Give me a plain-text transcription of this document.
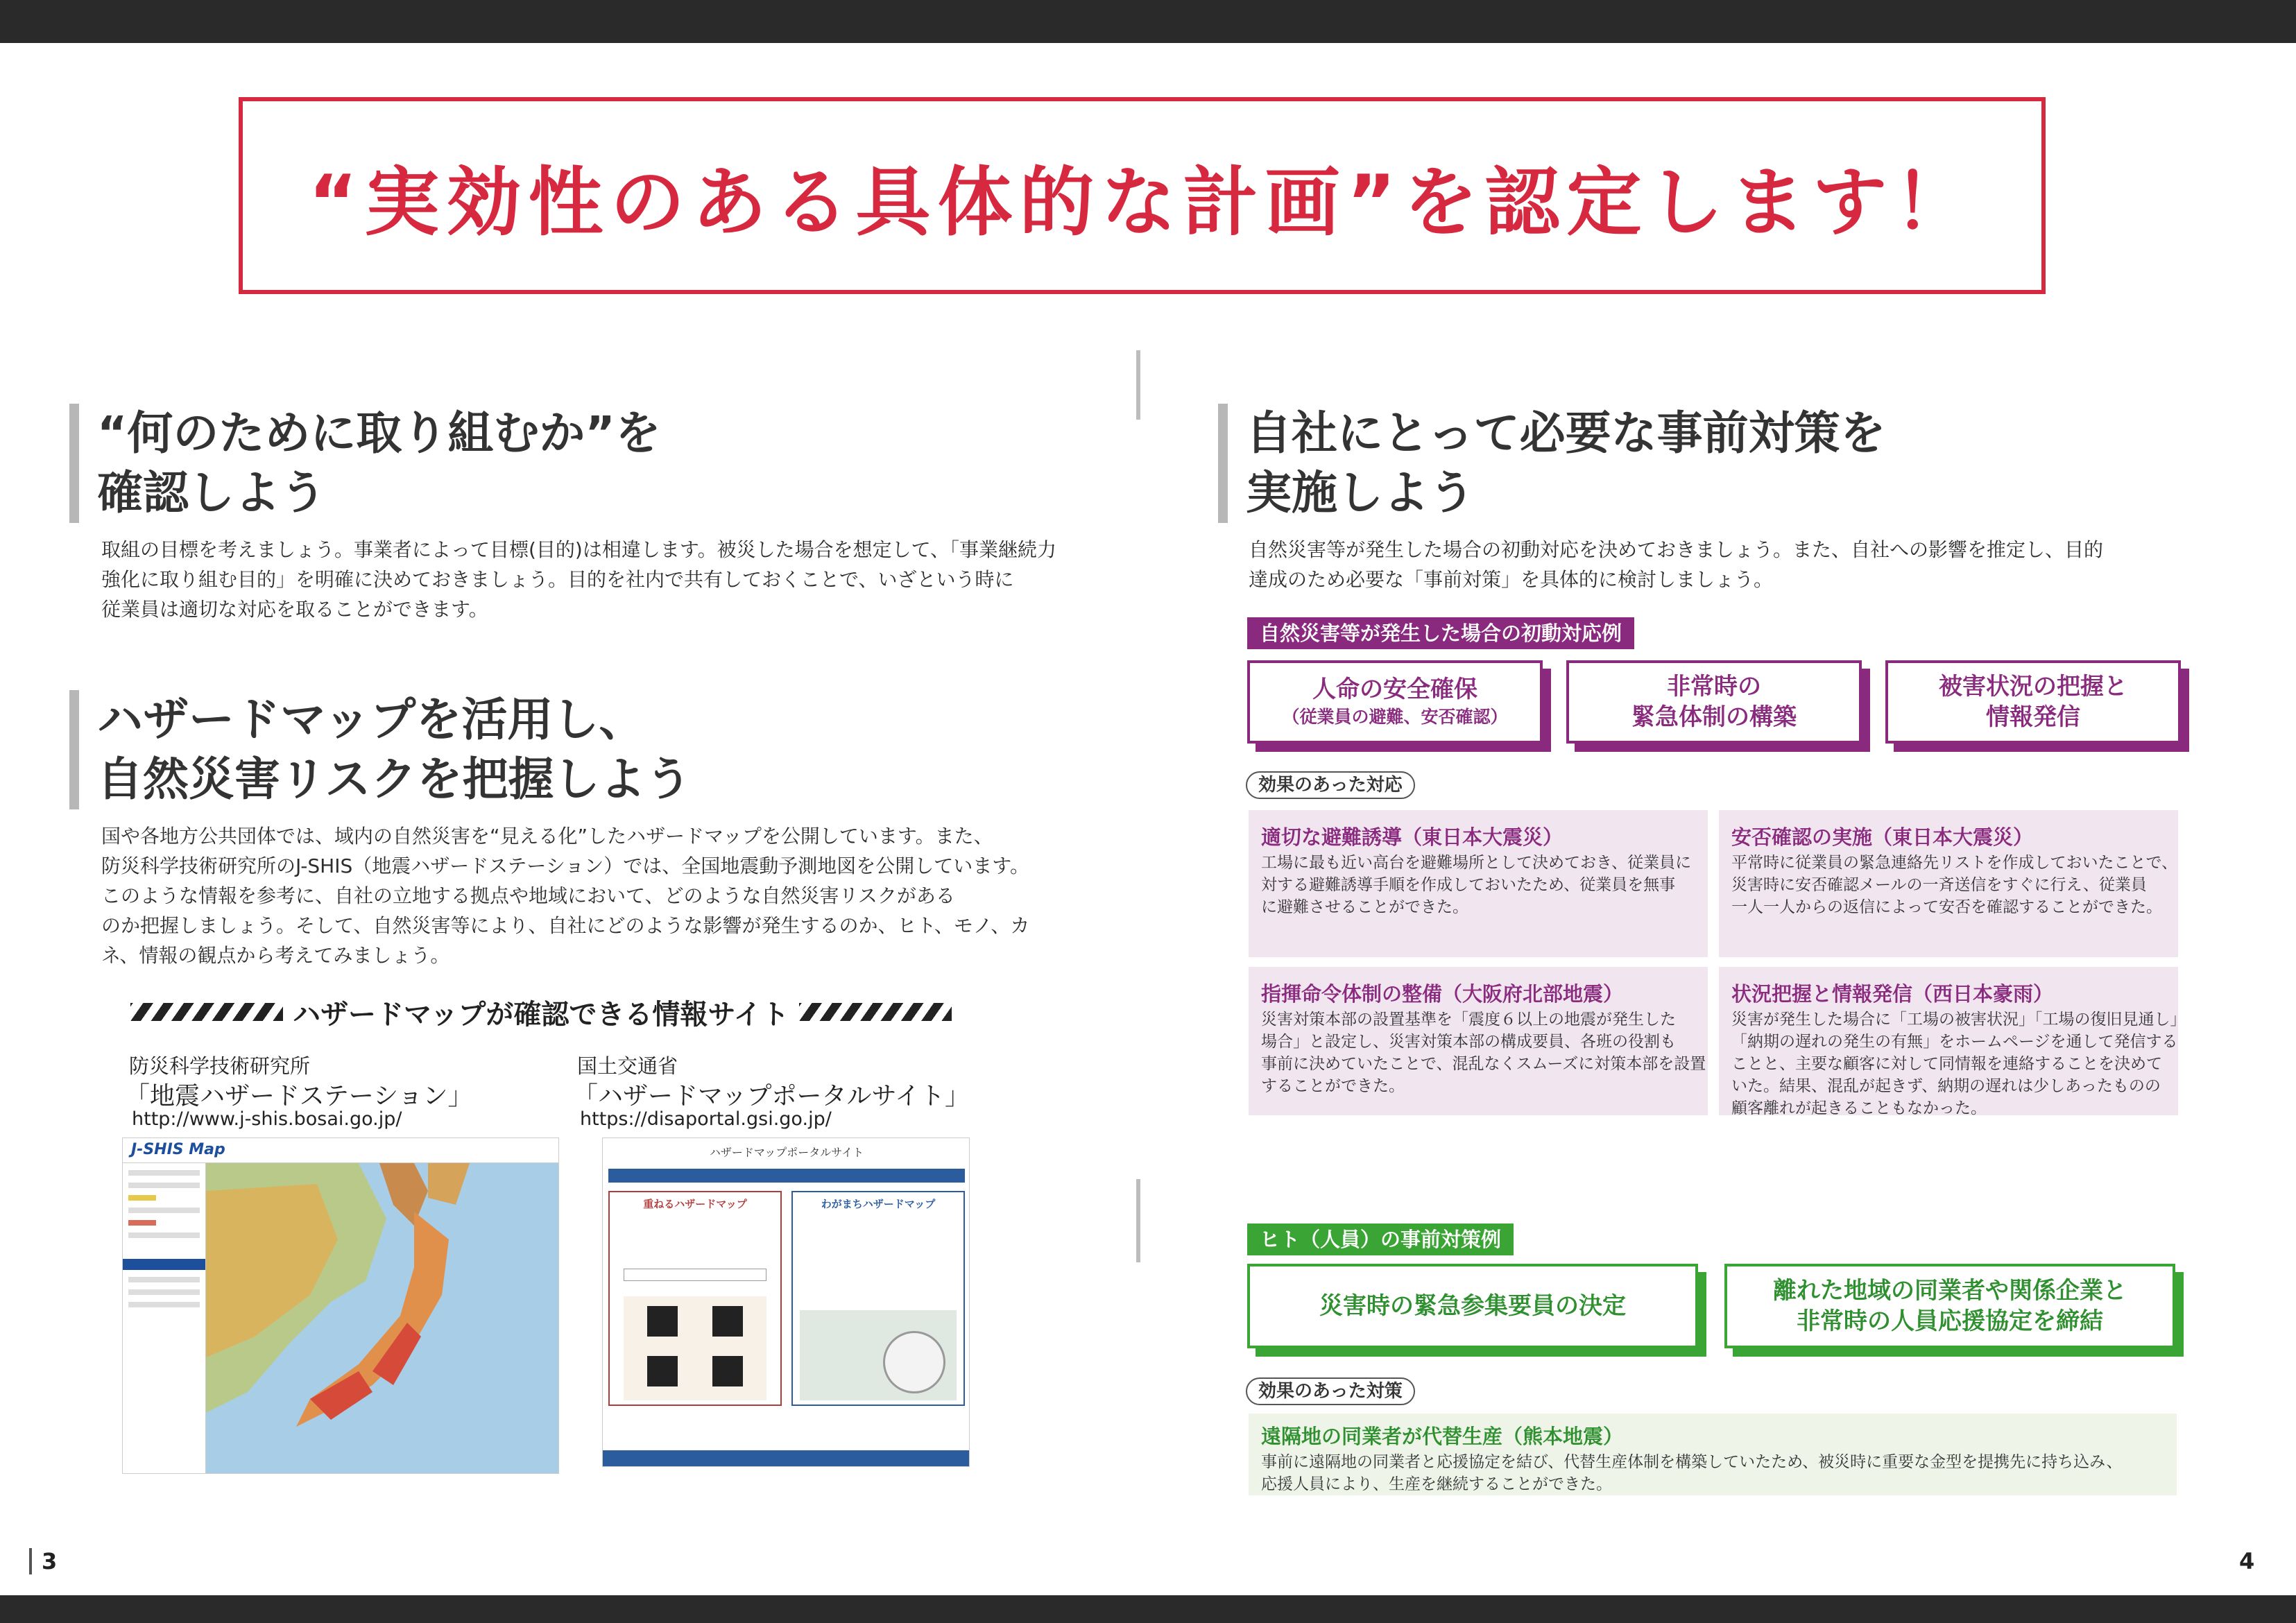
“実効性のある具体的な計画”を認定します！
“何のために取り組むか”を
確認しよう
取組の目標を考えましょう。事業者によって目標(目的)は相違します。被災した場合を想定して、「事業継続力
強化に取り組む目的」を明確に決めておきましょう。目的を社内で共有しておくことで、いざという時に
従業員は適切な対応を取ることができます。
ハザードマップを活用し、
自然災害リスクを把握しよう
国や各地方公共団体では、域内の自然災害を“見える化”したハザードマップを公開しています。また、
防災科学技術研究所のJ-SHIS（地震ハザードステーション）では、全国地震動予測地図を公開しています。
このような情報を参考に、自社の立地する拠点や地域において、どのような自然災害リスクがある
のか把握しましょう。そして、自然災害等により、自社にどのような影響が発生するのか、ヒト、モノ、カ
ネ、情報の観点から考えてみましょう。
ハザードマップが確認できる情報サイト
防災科学技術研究所
「地震ハザードステーション」
http://www.j-shis.bosai.go.jp/
国土交通省
「ハザードマップポータルサイト」
https://disaportal.gsi.go.jp/
J-SHIS Map	ハザードマップポータルサイト
重ねるハザードマップ	わがまちハザードマップ
自社にとって必要な事前対策を
実施しよう
自然災害等が発生した場合の初動対応を決めておきましょう。また、自社への影響を推定し、目的
達成のため必要な「事前対策」を具体的に検討しましょう。
自然災害等が発生した場合の初動対応例
人命の安全確保
（従業員の避難、安否確認）
非常時の
緊急体制の構築
被害状況の把握と
情報発信
効果のあった対応
適切な避難誘導（東日本大震災）
工場に最も近い高台を避難場所として決めておき、従業員に
対する避難誘導手順を作成しておいたため、従業員を無事
に避難させることができた。
安否確認の実施（東日本大震災）
平常時に従業員の緊急連絡先リストを作成しておいたことで、
災害時に安否確認メールの一斉送信をすぐに行え、従業員
一人一人からの返信によって安否を確認することができた。
指揮命令体制の整備（大阪府北部地震）
災害対策本部の設置基準を「震度６以上の地震が発生した
場合」と設定し、災害対策本部の構成要員、各班の役割も
事前に決めていたことで、混乱なくスムーズに対策本部を設置
することができた。
状況把握と情報発信（西日本豪雨）
災害が発生した場合に「工場の被害状況」「工場の復旧見通し」
「納期の遅れの発生の有無」をホームページを通して発信する
ことと、主要な顧客に対して同情報を連絡することを決めて
いた。結果、混乱が起きず、納期の遅れは少しあったものの
顧客離れが起きることもなかった。
ヒト（人員）の事前対策例
災害時の緊急参集要員の決定
離れた地域の同業者や関係企業と
非常時の人員応援協定を締結
効果のあった対策
遠隔地の同業者が代替生産（熊本地震）
事前に遠隔地の同業者と応援協定を結び、代替生産体制を構築していたため、被災時に重要な金型を提携先に持ち込み、
応援人員により、生産を継続することができた。
3	4
